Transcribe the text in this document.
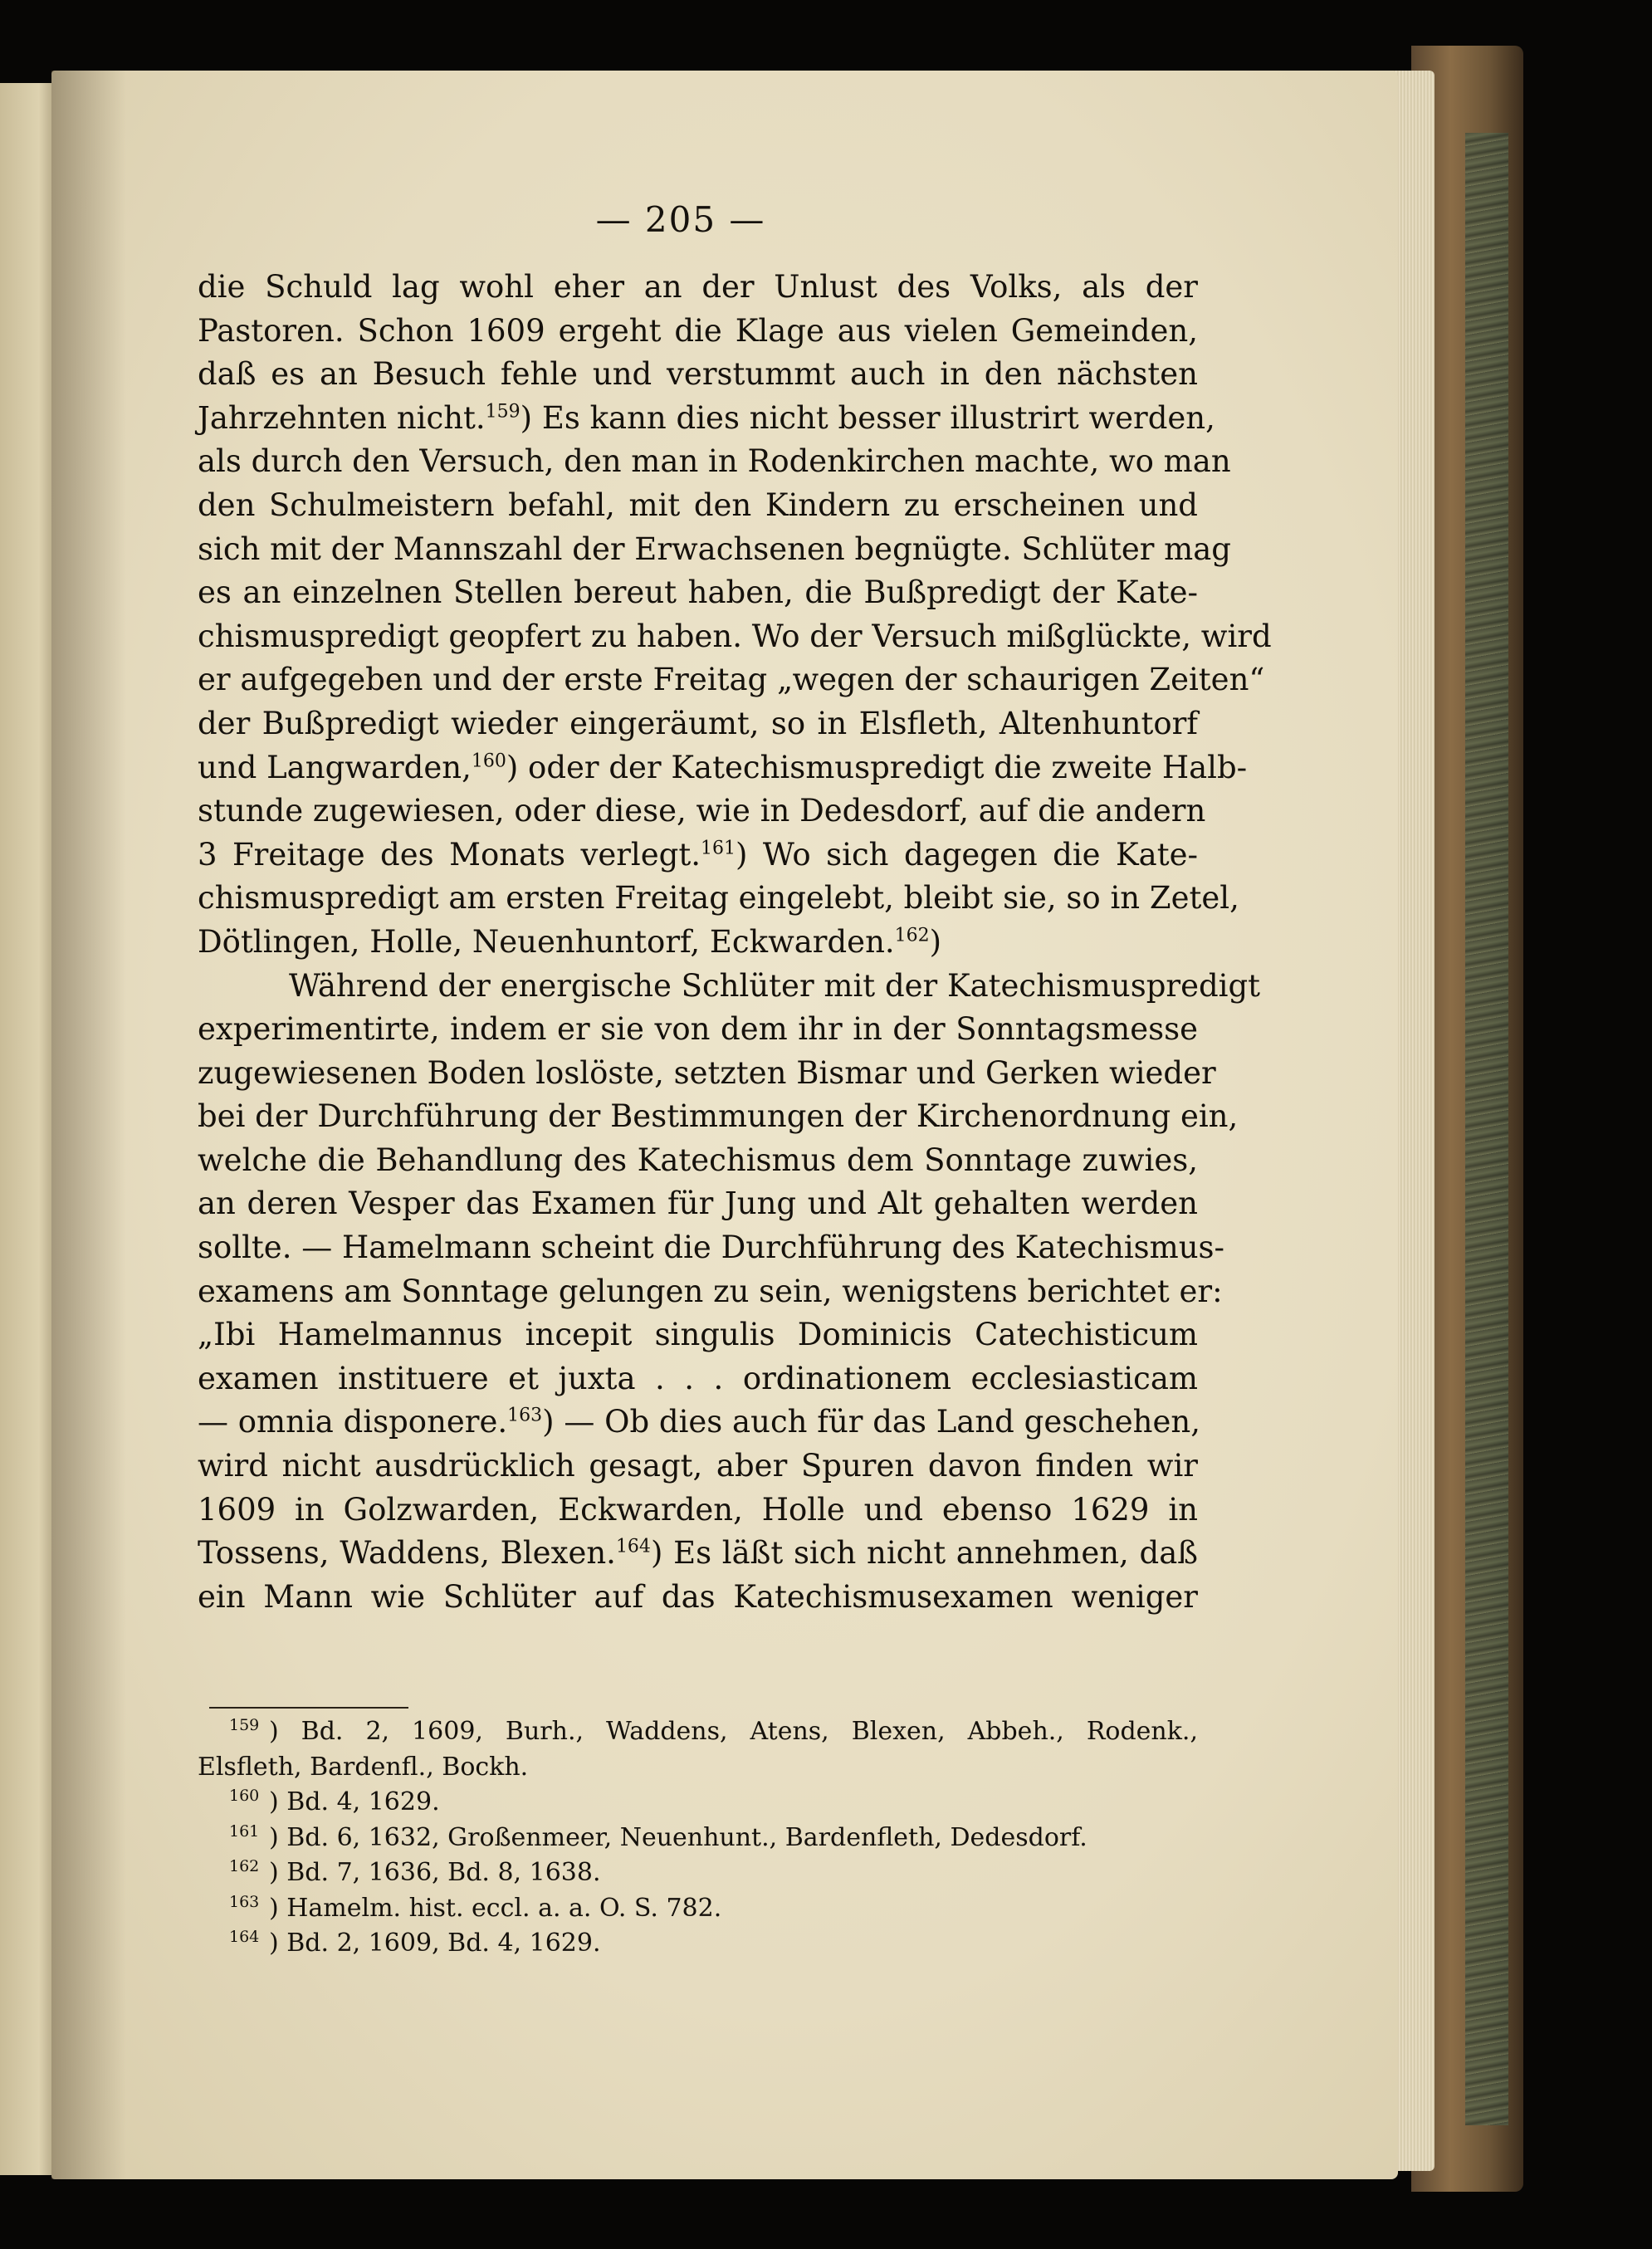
— 205 —
die Schuld lag wohl eher an der Unlust des Volks, als der
Pastoren. Schon 1609 ergeht die Klage aus vielen Gemeinden,
daß es an Besuch fehle und verstummt auch in den nächsten
Jahrzehnten nicht.$^{159}$) Es kann dies nicht besser illustrirt werden,
als durch den Versuch, den man in Rodenkirchen machte, wo man
den Schulmeistern befahl, mit den Kindern zu erscheinen und
sich mit der Mannszahl der Erwachsenen begnügte. Schlüter mag
es an einzelnen Stellen bereut haben, die Bußpredigt der Kate-
chismuspredigt geopfert zu haben. Wo der Versuch mißglückte, wird
er aufgegeben und der erste Freitag „wegen der schaurigen Zeiten“
der Bußpredigt wieder eingeräumt, so in Elsfleth, Altenhuntorf
und Langwarden,$^{160}$) oder der Katechismuspredigt die zweite Halb-
stunde zugewiesen, oder diese, wie in Dedesdorf, auf die andern
3 Freitage des Monats verlegt.$^{161}$) Wo sich dagegen die Kate-
chismuspredigt am ersten Freitag eingelebt, bleibt sie, so in Zetel,
Dötlingen, Holle, Neuenhuntorf, Eckwarden.$^{162}$)
Während der energische Schlüter mit der Katechismuspredigt
experimentirte, indem er sie von dem ihr in der Sonntagsmesse
zugewiesenen Boden loslöste, setzten Bismar und Gerken wieder
bei der Durchführung der Bestimmungen der Kirchenordnung ein,
welche die Behandlung des Katechismus dem Sonntage zuwies,
an deren Vesper das Examen für Jung und Alt gehalten werden
sollte. — Hamelmann scheint die Durchführung des Katechismus-
examens am Sonntage gelungen zu sein, wenigstens berichtet er:
„Ibi Hamelmannus incepit singulis Dominicis Catechisticum
examen instituere et juxta . . . ordinationem ecclesiasticam
— omnia disponere.$^{163}$) — Ob dies auch für das Land geschehen,
wird nicht ausdrücklich gesagt, aber Spuren davon finden wir
1609 in Golzwarden, Eckwarden, Holle und ebenso 1629 in
Tossens, Waddens, Blexen.$^{164}$) Es läßt sich nicht annehmen, daß
ein Mann wie Schlüter auf das Katechismusexamen weniger
$^{159}$ ) Bd. 2, 1609, Burh., Waddens, Atens, Blexen, Abbeh., Rodenk.,
Elsfleth, Bardenfl., Bockh.
$^{160}$ ) Bd. 4, 1629.
$^{161}$ ) Bd. 6, 1632, Großenmeer, Neuenhunt., Bardenfleth, Dedesdorf.
$^{162}$ ) Bd. 7, 1636, Bd. 8, 1638.
$^{163}$ ) Hamelm. hist. eccl. a. a. O. S. 782.
$^{164}$ ) Bd. 2, 1609, Bd. 4, 1629.
